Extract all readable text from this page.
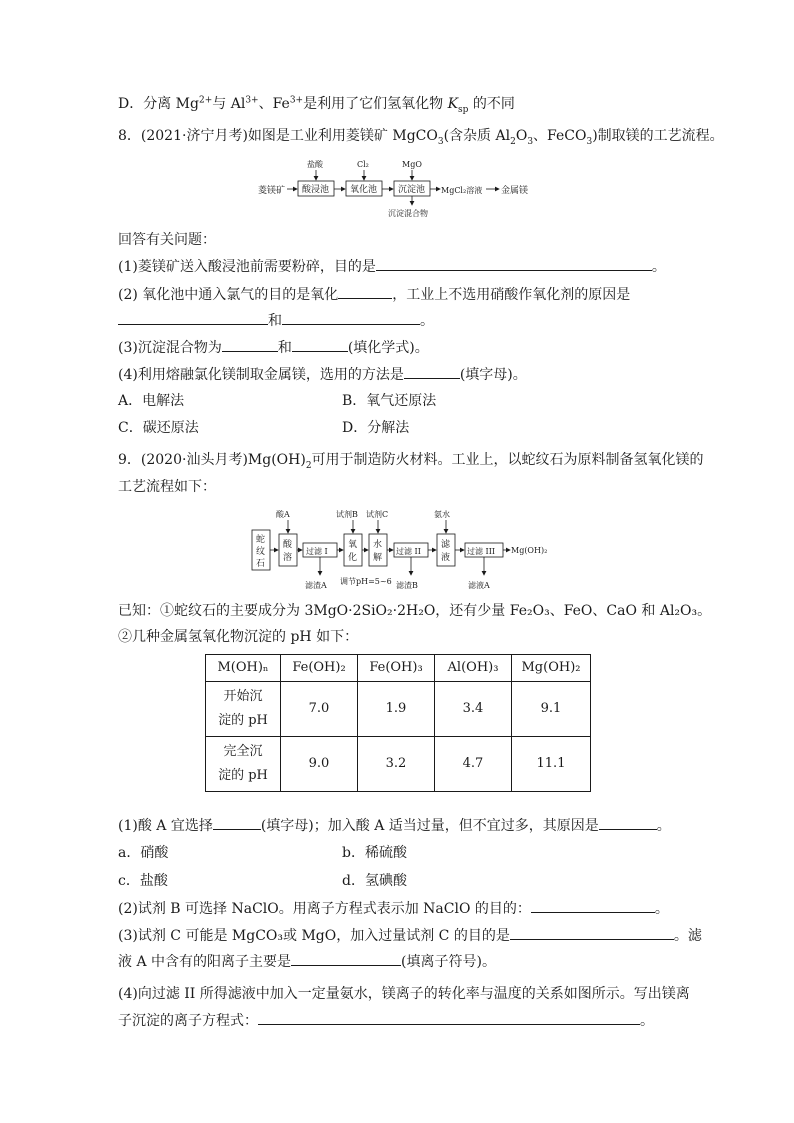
D．分离 $Mg^{2+}$与 $Al^{3+}$、$Fe^{3+}$是利用了它们氢氧化物 $K_{sp}$ 的不同
8．(2021·济宁月考)如图是工业利用菱镁矿 MgCO$_3$(含杂质 $Al_2O_3$、FeCO$_3$)制取镁的工艺流程。
菱镁矿 酸浸池
盐酸
氧化池
Cl₂
沉淀池
MgO
沉淀混合物
MgCl₂溶液 金属镁
回答有关问题：
(1)菱镁矿送入酸浸池前需要粉碎，目的是	。
(2) 氧化池中通入氯气的目的是氧化	，工业上不选用硝酸作氧化剂的原因是
和	。
(3)沉淀混合物为	和	(填化学式)。
(4)利用熔融氯化镁制取金属镁，选用的方法是	(填字母)。
A．电解法	B．氧气还原法
C．碳还原法	D．分解法
9．(2020·汕头月考)$Mg(OH)_2$可用于制造防火材料。工业上，以蛇纹石为原料制备氢氧化镁的
工艺流程如下：
蛇
纹
石
酸
溶
酸A
过滤 I
滤渣A
氧
化
试剂B
水
解
试剂C
调节pH=5~6
过滤 II
滤渣B
滤
液
氨水
过滤 III
滤液A
Mg(OH)₂
已知：①蛇纹石的主要成分为 3MgO·2SiO₂·2H₂O，还有少量 Fe₂O₃、FeO、CaO 和 Al₂O₃。
②几种金属氢氧化物沉淀的 pH 如下：
M(OH)ₙ	Fe(OH)₂	Fe(OH)₃	Al(OH)₃	Mg(OH)₂

开始沉
淀的 pH	7.0	1.9	3.4	9.1

完全沉
淀的 pH	9.0	3.2	4.7	11.1
(1)酸 A 宜选择	(填字母)；加入酸 A 适当过量，但不宜过多，其原因是	。
a．硝酸	b．稀硫酸
c．盐酸	d．氢碘酸
(2)试剂 B 可选择 NaClO。用离子方程式表示加 NaClO 的目的：	。
(3)试剂 C 可能是 MgCO₃或 MgO，加入过量试剂 C 的目的是	。滤
液 A 中含有的阳离子主要是	(填离子符号)。
(4)向过滤 II 所得滤液中加入一定量氨水，镁离子的转化率与温度的关系如图所示。写出镁离
子沉淀的离子方程式：	。
